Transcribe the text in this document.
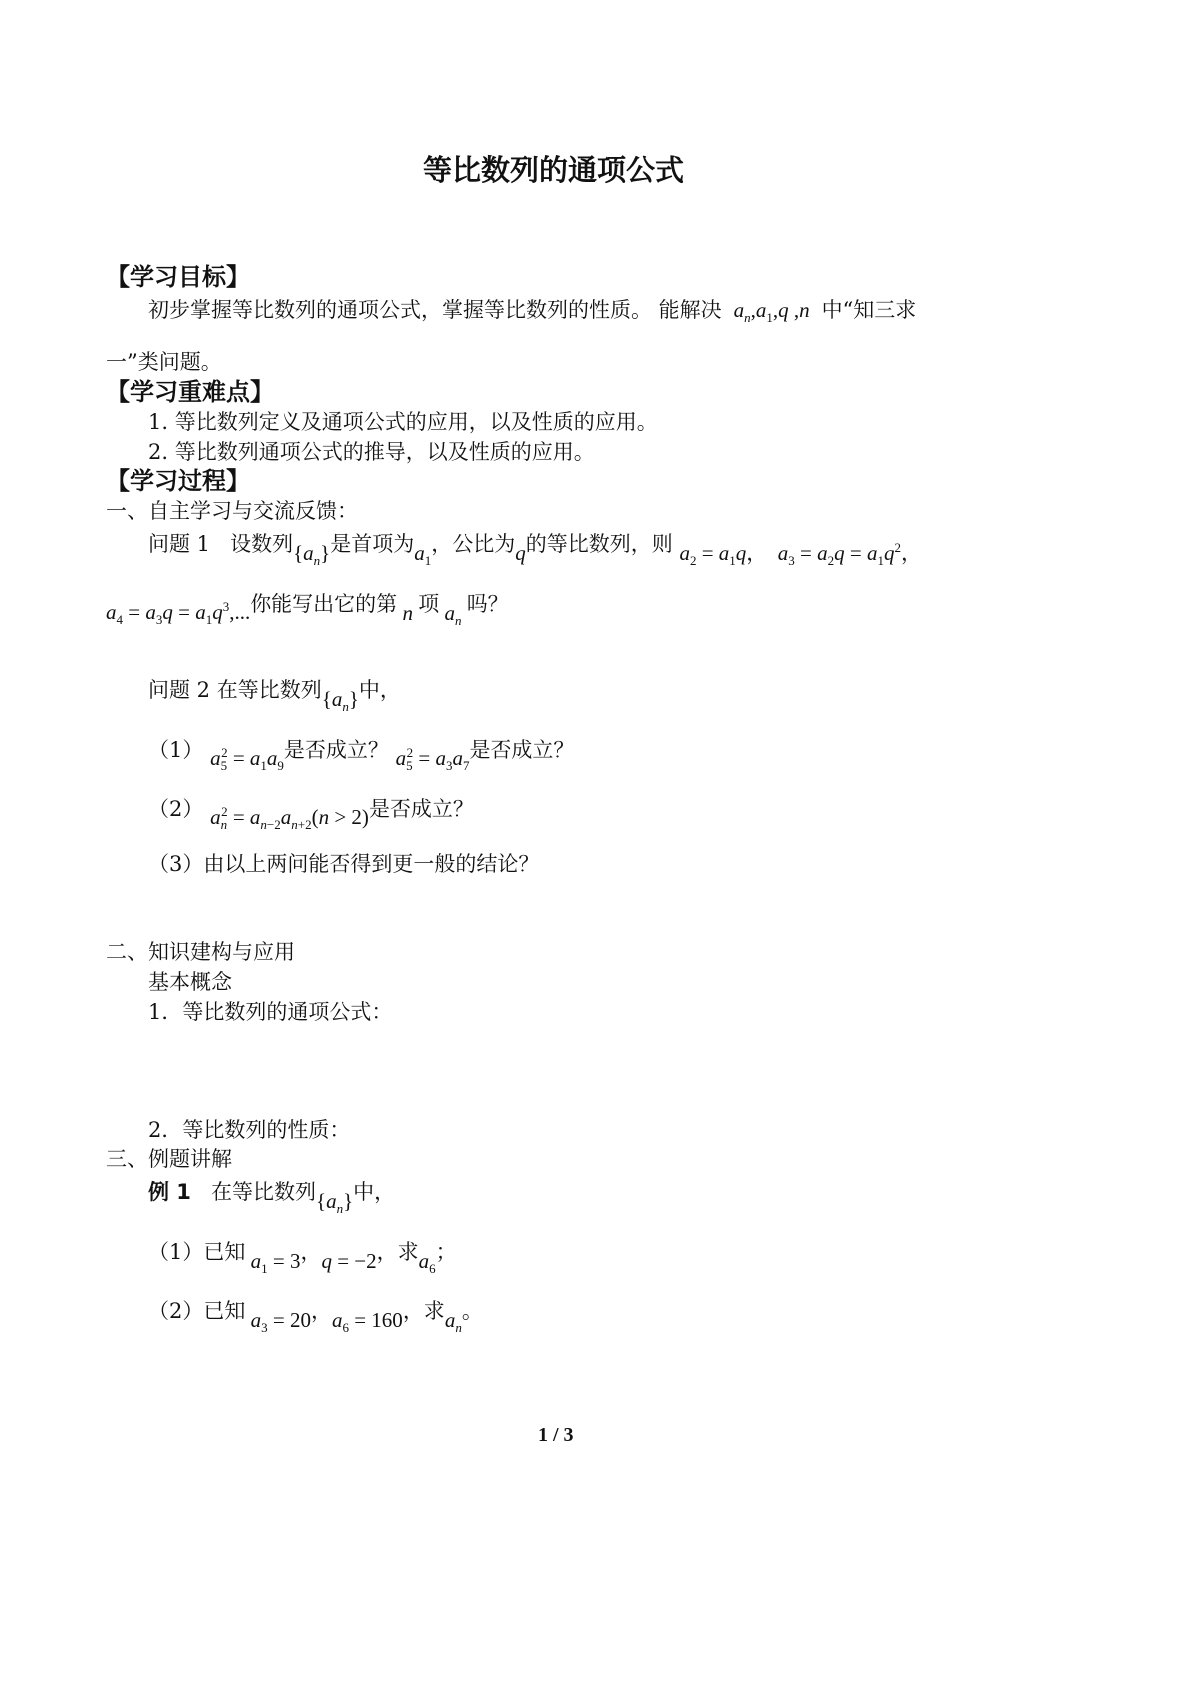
等比数列的通项公式
【学习目标】
初步掌握等比数列的通项公式，掌握等比数列的性质。 能解决 $a_n,a_1,q$ ,n 中“知三求
一”类问题。
【学习重难点】
1. 等比数列定义及通项公式的应用，以及性质的应用。
2. 等比数列通项公式的推导，以及性质的应用。
【学习过程】
一、自主学习与交流反馈：
问题 1 设数列$\{a_n\}$是首项为$a_1$，公比为q的等比数列，则 $a_2 = a_1q$，  $a_3 = a_2q = a_1q^2$，
$a_4 = a_3q = a_1q^3$,...你能写出它的第 n 项 $a_n$ 吗？
问题 2 在等比数列$\{a_n\}$中，
（1） $a_5^2 = a_1a_9$是否成立？ $a_5^2 = a_3a_7$是否成立？
（2） $a_n^2 = a_{n-2}a_{n+2}(n > 2)$是否成立？
（3）由以上两问能否得到更一般的结论？
二、知识建构与应用
基本概念
1．等比数列的通项公式：
2．等比数列的性质：
三、例题讲解
例 1 在等比数列$\{a_n\}$中，
（1）已知 $a_1 = 3$，q = −2，求$a_6$；
（2）已知 $a_3 = 20$，$a_6 = 160$，求$a_n$。
1 / 3
